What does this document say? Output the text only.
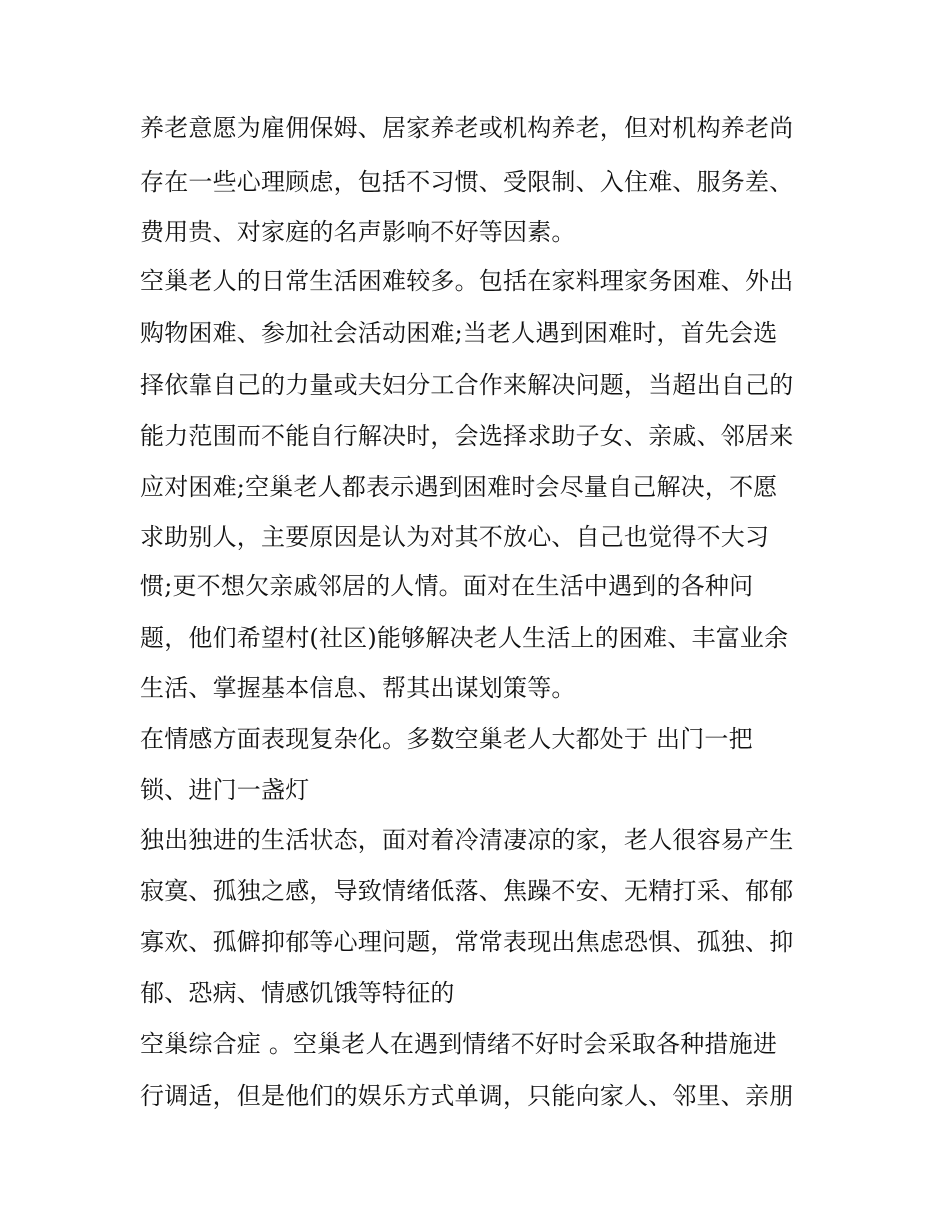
养老意愿为雇佣保姆、居家养老或机构养老，但对机构养老尚
存在一些心理顾虑，包括不习惯、受限制、入住难、服务差、
费用贵、对家庭的名声影响不好等因素。
空巢老人的日常生活困难较多。包括在家料理家务困难、外出
购物困难、参加社会活动困难;当老人遇到困难时，首先会选
择依靠自己的力量或夫妇分工合作来解决问题，当超出自己的
能力范围而不能自行解决时，会选择求助子女、亲戚、邻居来
应对困难;空巢老人都表示遇到困难时会尽量自己解决，不愿
求助别人，主要原因是认为对其不放心、自己也觉得不大习
惯;更不想欠亲戚邻居的人情。面对在生活中遇到的各种问
题，他们希望村(社区)能够解决老人生活上的困难、丰富业余
生活、掌握基本信息、帮其出谋划策等。
在情感方面表现复杂化。多数空巢老人大都处于 出门一把
锁、进门一盏灯
独出独进的生活状态，面对着冷清凄凉的家，老人很容易产生
寂寞、孤独之感，导致情绪低落、焦躁不安、无精打采、郁郁
寡欢、孤僻抑郁等心理问题，常常表现出焦虑恐惧、孤独、抑
郁、恐病、情感饥饿等特征的
空巢综合症 。空巢老人在遇到情绪不好时会采取各种措施进
行调适，但是他们的娱乐方式单调，只能向家人、邻里、亲朋
